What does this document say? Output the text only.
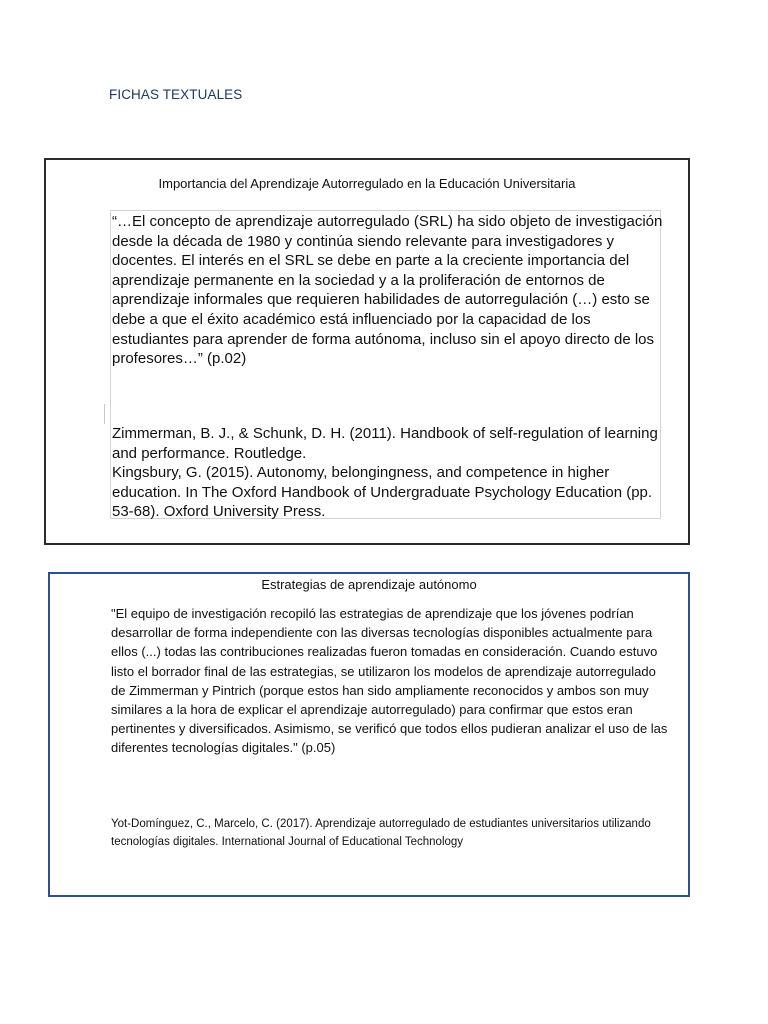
FICHAS TEXTUALES
Importancia del Aprendizaje Autorregulado en la Educación Universitaria
“…El concepto de aprendizaje autorregulado (SRL) ha sido objeto de investigación desde la década de 1980 y continúa siendo relevante para investigadores y docentes. El interés en el SRL se debe en parte a la creciente importancia del aprendizaje permanente en la sociedad y a la proliferación de entornos de aprendizaje informales que requieren habilidades de autorregulación (…) esto se debe a que el éxito académico está influenciado por la capacidad de los estudiantes para aprender de forma autónoma, incluso sin el apoyo directo de los profesores…” (p.02)

Zimmerman, B. J., & Schunk, D. H. (2011). Handbook of self-regulation of learning and performance. Routledge.

Kingsbury, G. (2015). Autonomy, belongingness, and competence in higher education. In The Oxford Handbook of Undergraduate Psychology Education (pp. 53-68). Oxford University Press.

Estrategias de aprendizaje autónomo
"El equipo de investigación recopiló las estrategias de aprendizaje que los jóvenes podrían desarrollar de forma independiente con las diversas tecnologías disponibles actualmente para ellos (...) todas las contribuciones realizadas fueron tomadas en consideración. Cuando estuvo listo el borrador final de las estrategias, se utilizaron los modelos de aprendizaje autorregulado de Zimmerman y Pintrich (porque estos han sido ampliamente reconocidos y ambos son muy similares a la hora de explicar el aprendizaje autorregulado) para confirmar que estos eran pertinentes y diversificados. Asimismo, se verificó que todos ellos pudieran analizar el uso de las diferentes tecnologías digitales." (p.05)
Yot-Domínguez, C., Marcelo, C. (2017). Aprendizaje autorregulado de estudiantes universitarios utilizando tecnologías digitales. International Journal of Educational Technology
